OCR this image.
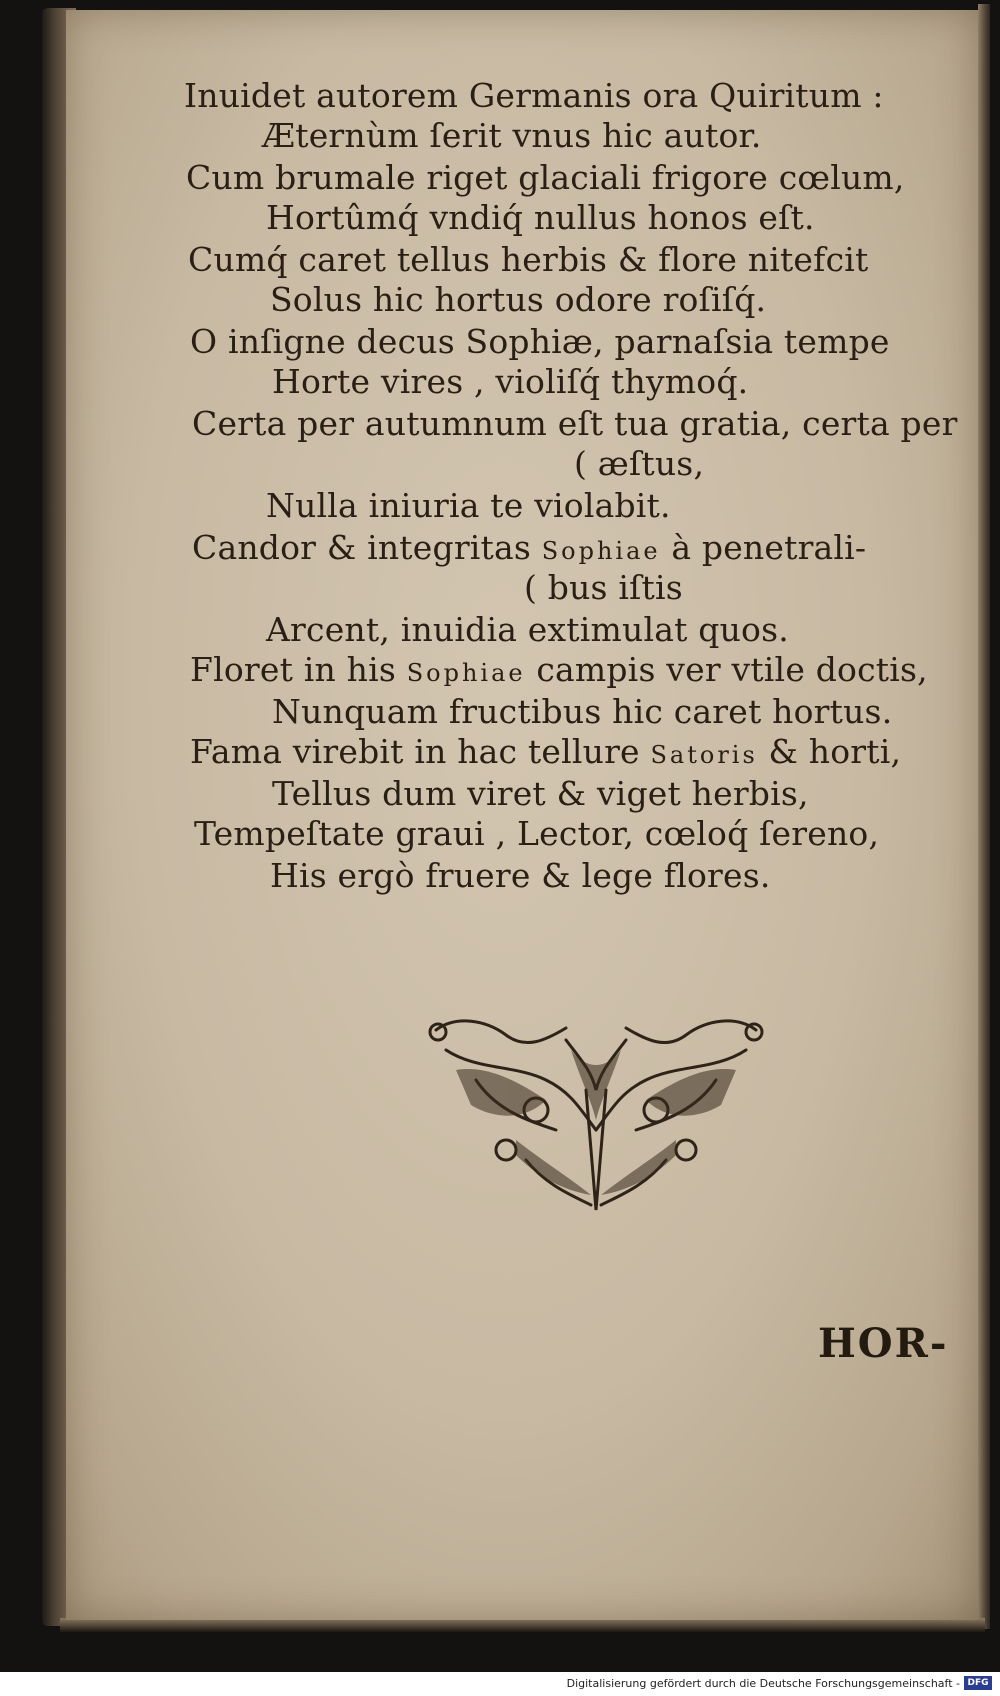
Inuidet autorem Germanis ora Quiritum :
Æternùm ſerit vnus hic autor.
Cum brumale riget glaciali frigore cœlum,
Hortûmq́ vndiq́ nullus honos eſt.
Cumq́ caret tellus herbis & flore nitefcit
Solus hic hortus odore roſiſq́.
O inſigne decus Sophiæ, parnaſsia tempe
Horte vires , violiſq́ thymoq́.
Certa per autumnum eſt tua gratia, certa per
( æſtus,
Nulla iniuria te violabit.
Candor & integritas Sophiae à penetrali-
( bus iſtis
Arcent, inuidia extimulat quos.
Floret in his Sophiae campis ver vtile doctis,
Nunquam fructibus hic caret hortus.
Fama virebit in hac tellure Satoris & horti,
Tellus dum viret & viget herbis,
Tempeſtate graui , Lector, cœloq́ ſereno,
His ergò fruere & lege flores.
HOR-
Digitalisierung gefördert durch die Deutsche Forschungsgemeinschaft - DFG
